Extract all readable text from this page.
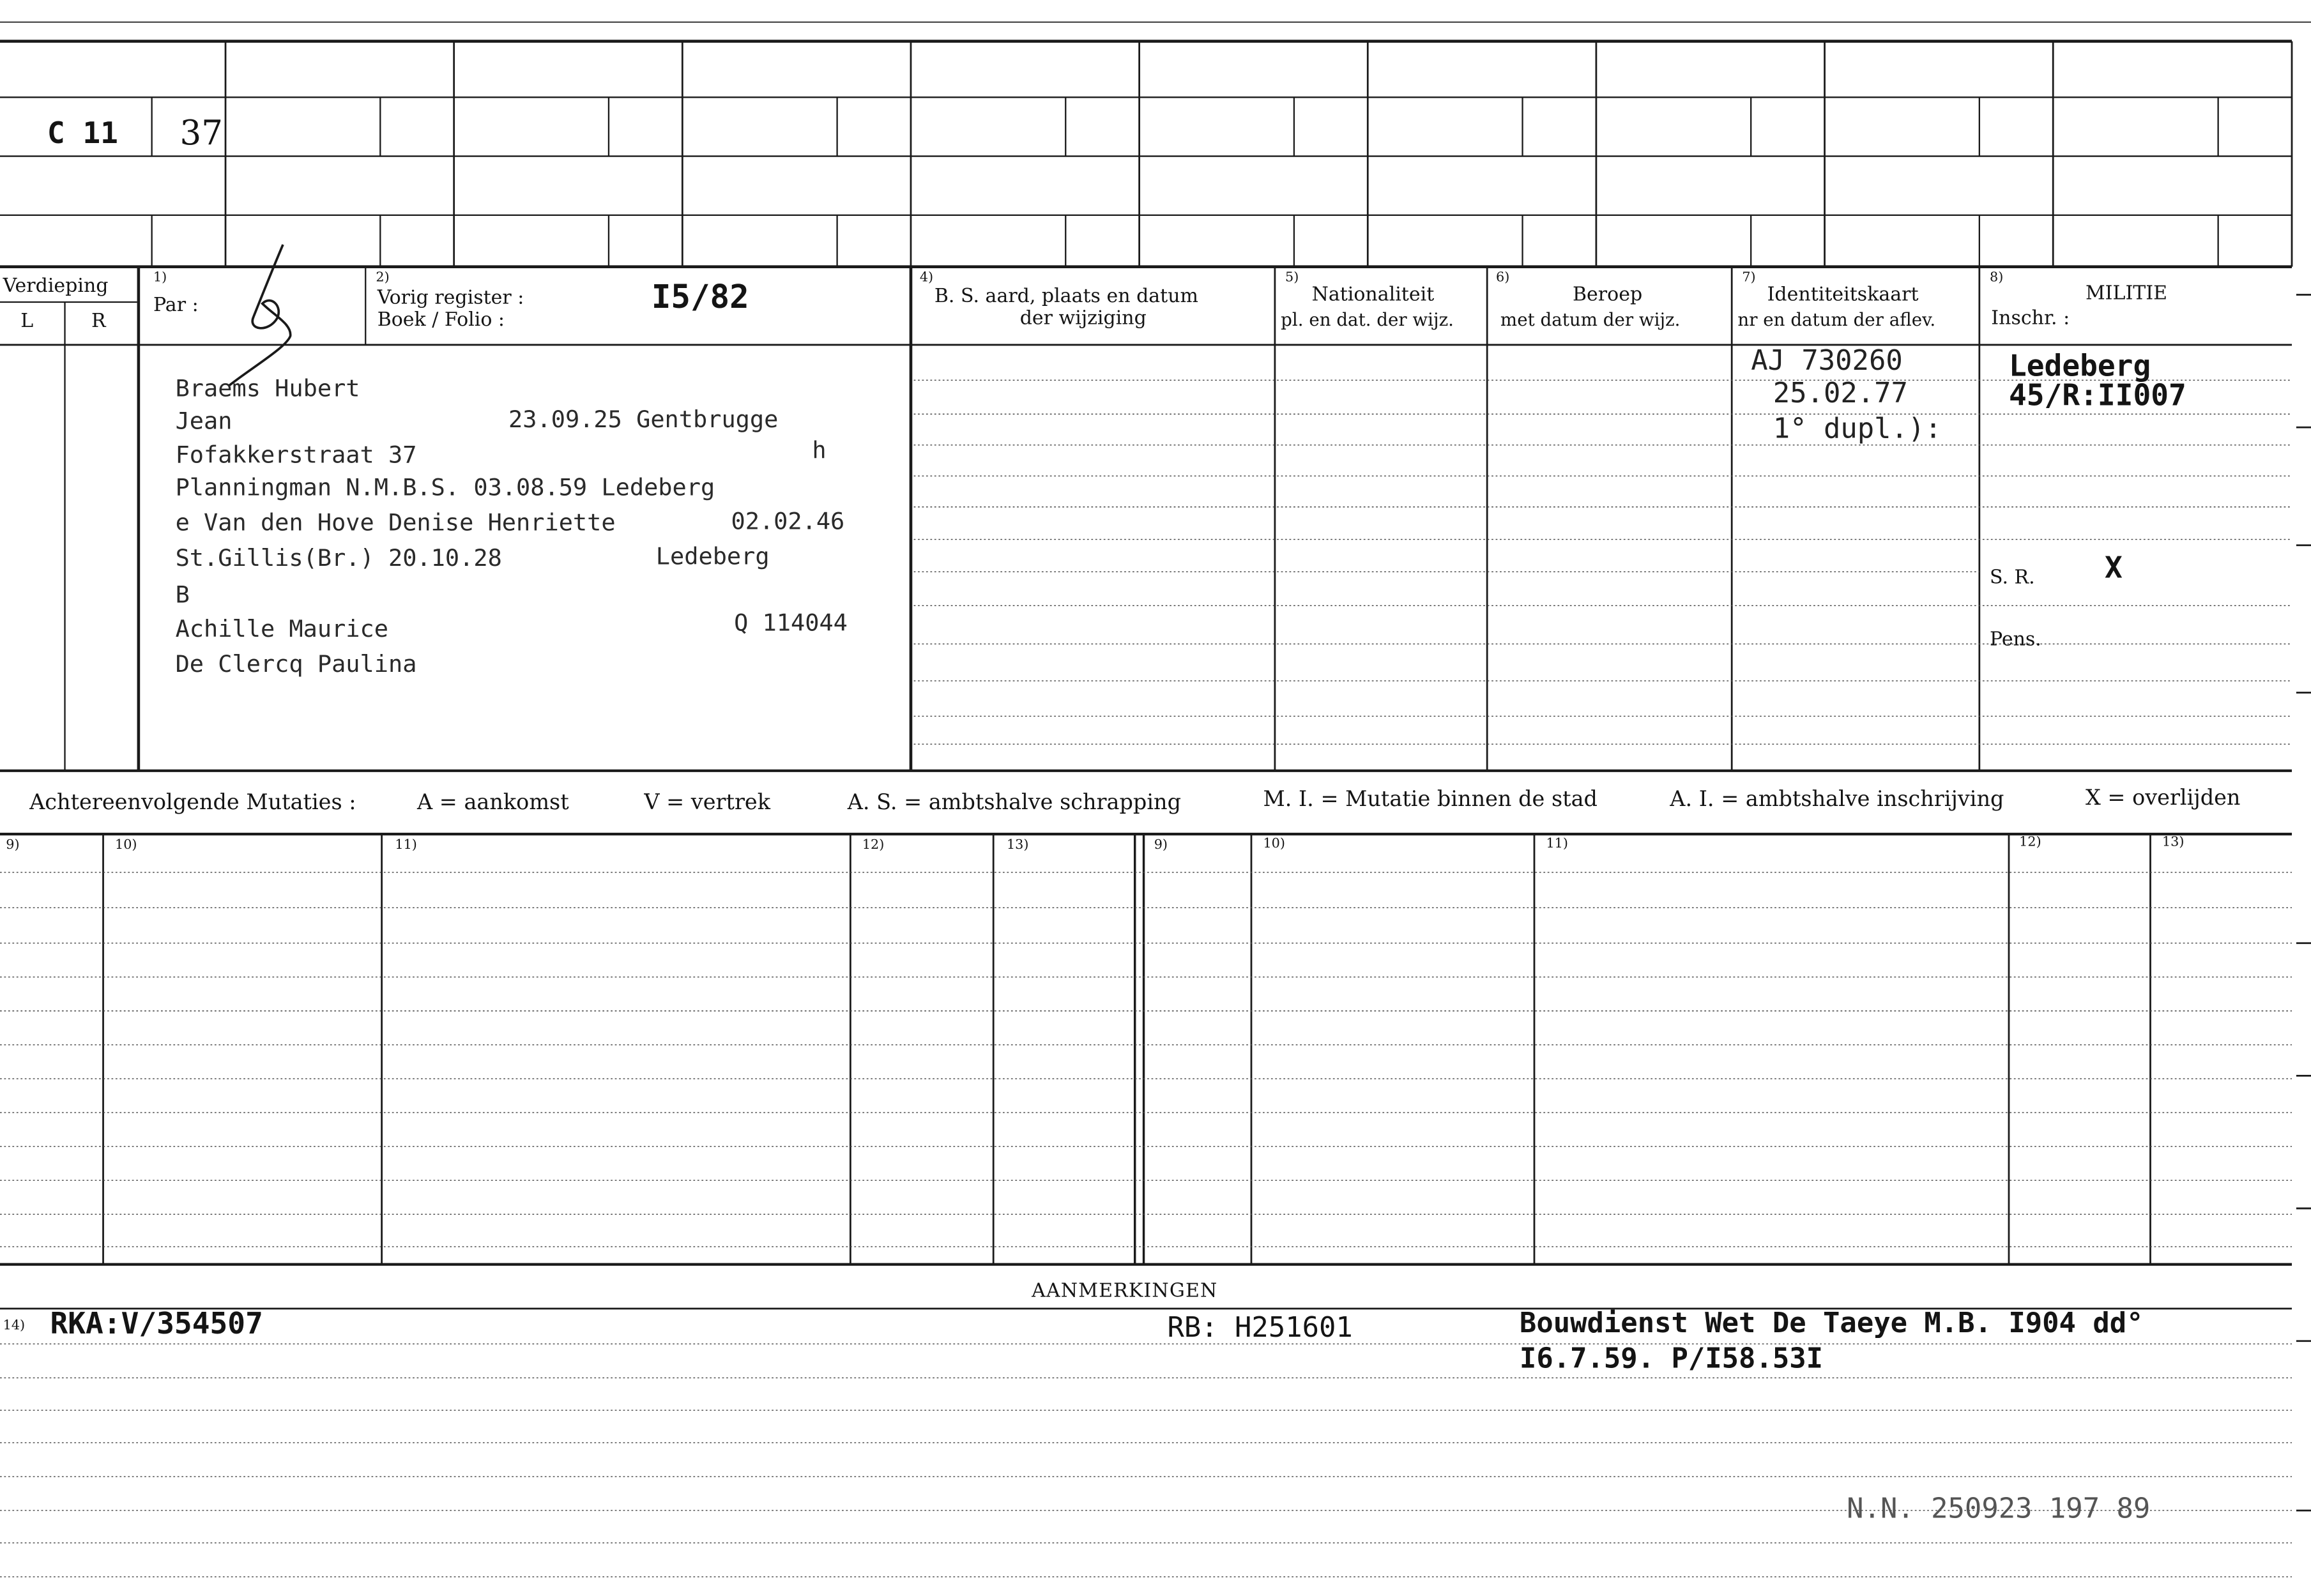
C 11	37
Verdieping
L	R
1)
Par :
2)
Vorig register :
Boek / Folio :
I5/82
4)
B. S. aard, plaats en datum
der wijziging
5)
Nationaliteit
pl. en dat. der wijz.
6)
Beroep
met datum der wijz.
7)
Identiteitskaart
nr en datum der aflev.
8)
MILITIE
Inschr. :
Braems Hubert
Jean	23.09.25 Gentbrugge
Fofakkerstraat 37	h
Planningman N.M.B.S. 03.08.59 Ledeberg
e Van den Hove Denise Henriette	02.02.46
St.Gillis(Br.) 20.10.28	Ledeberg
B
Achille Maurice	Q 114044
De Clercq Paulina
AJ 730260
25.02.77
1° dupl.):
Ledeberg
45/R:II007
S. R.	X
Pens.
Achtereenvolgende Mutaties :	A = aankomst	V = vertrek	A. S. = ambtshalve schrapping	M. I. = Mutatie binnen de stad	A. I. = ambtshalve inschrijving	X = overlijden
9)	10)	11)	12)	13)	9)	10)	11)	12)	13)
AANMERKINGEN
14) RKA:V/354507	RB: H251601	Bouwdienst Wet De Taeye M.B. I904 dd°
I6.7.59. P/I58.53I
N.N. 250923 197 89
